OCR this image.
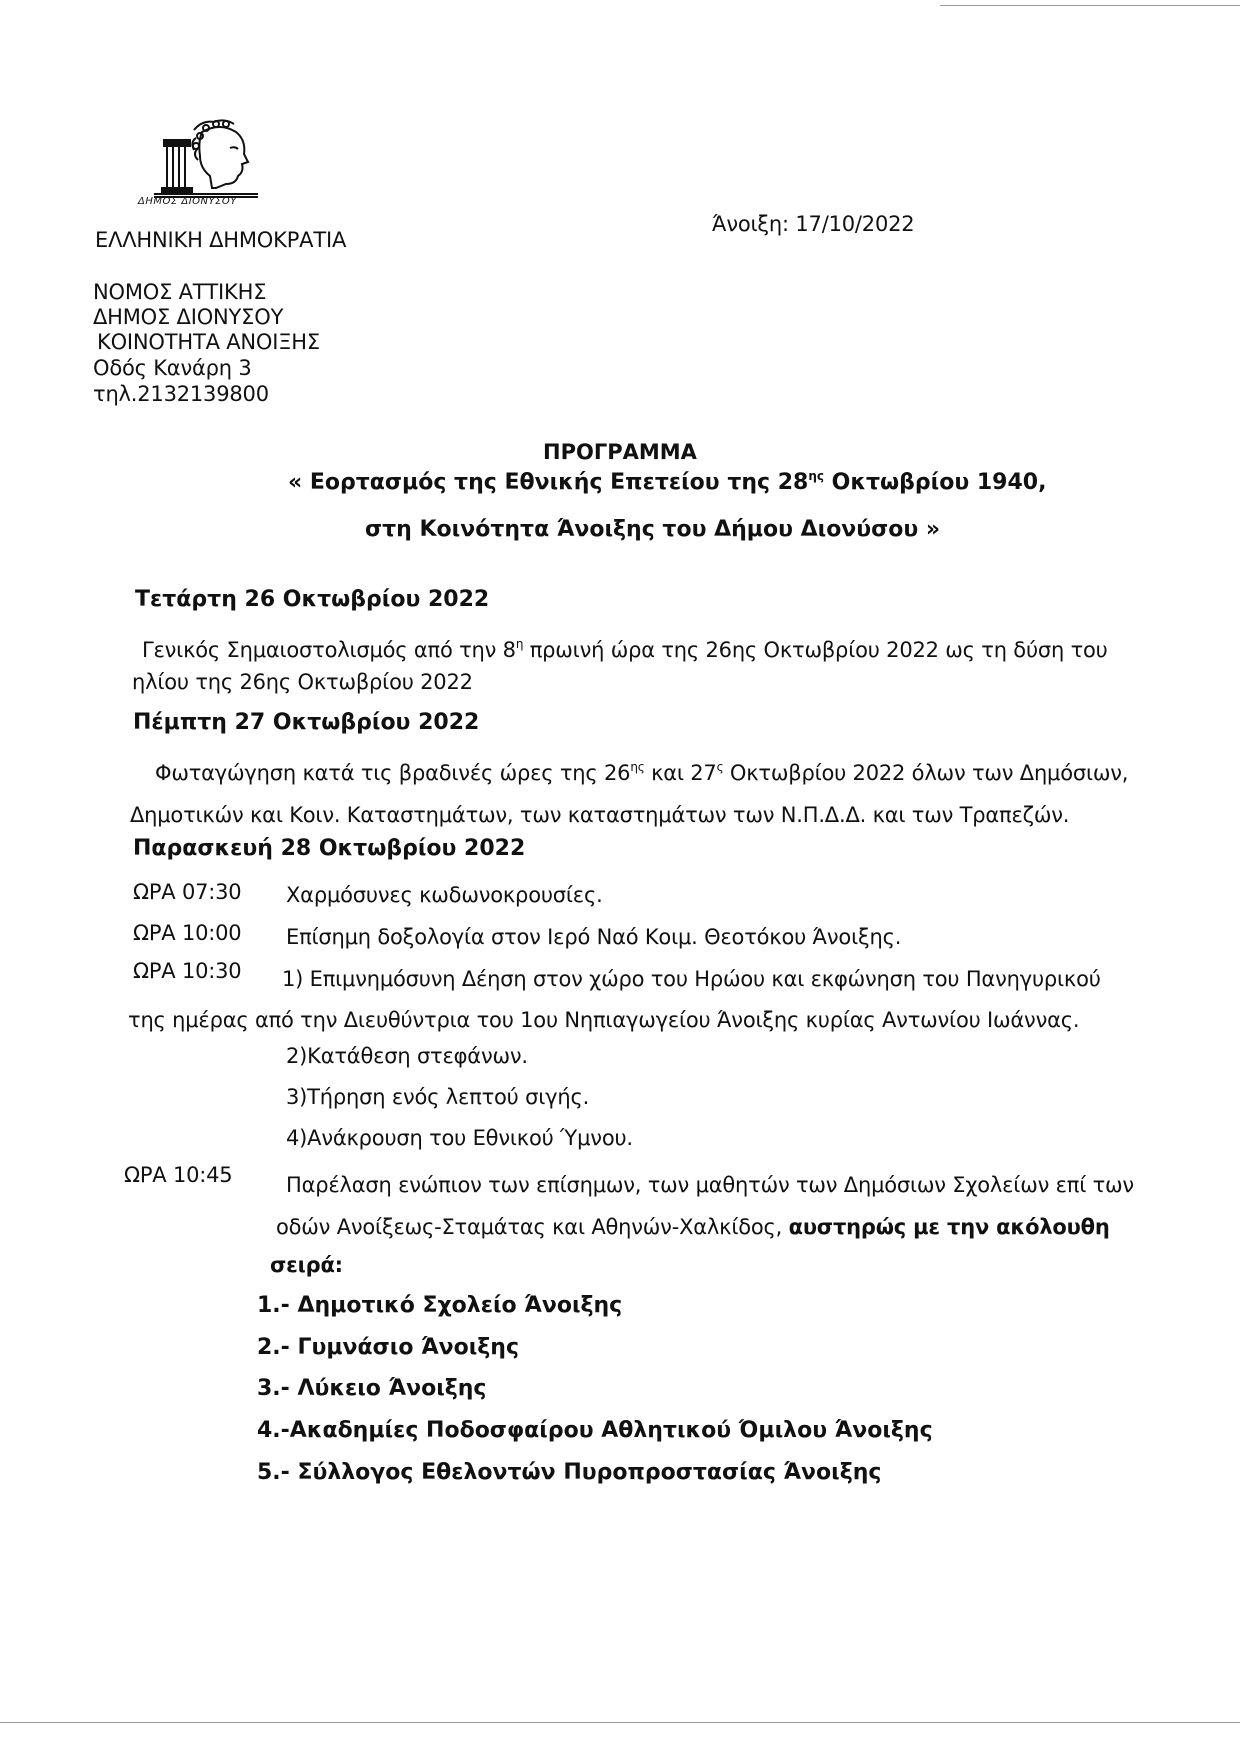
ΔΗΜΟΣ ΔΙΟΝΥΣΟΥ
ΕΛΛΗΝΙΚΗ ΔΗΜΟΚΡΑΤΙΑ
Άνοιξη: 17/10/2022
ΝΟΜΟΣ ΑΤΤΙΚΗΣ
ΔΗΜΟΣ ΔΙΟΝΥΣΟΥ
ΚΟΙΝΟΤΗΤΑ ΑΝΟΙΞΗΣ
Οδός Κανάρη 3
τηλ.2132139800
ΠΡΟΓΡΑΜΜΑ
« Εορτασμός της Εθνικής Επετείου της $28^{\eta\varsigma}$ Οκτωβρίου 1940,
στη Κοινότητα Άνοιξης του Δήμου Διονύσου »
Τετάρτη 26 Οκτωβρίου 2022
Γενικός Σημαιοστολισμός από την $8^\eta$ πρωινή ώρα της 26ης Οκτωβρίου 2022 ως τη δύση του
ηλίου της 26ης Οκτωβρίου 2022
Πέμπτη 27 Οκτωβρίου 2022
Φωταγώγηση κατά τις βραδινές ώρες της $26^{\eta\varsigma}$ και $27^\varsigma$ Οκτωβρίου 2022 όλων των Δημόσιων,
Δημοτικών και Κοιν. Καταστημάτων, των καταστημάτων των Ν.Π.Δ.Δ. και των Τραπεζών.
Παρασκευή 28 Οκτωβρίου 2022
ΩΡΑ 07:30 Χαρμόσυνες κωδωνοκρουσίες.
ΩΡΑ 10:00 Επίσημη δοξολογία στον Ιερό Ναό Κοιμ. Θεοτόκου Άνοιξης.
ΩΡΑ 10:30 1) Επιμνημόσυνη Δέηση στον χώρο του Ηρώου και εκφώνηση του Πανηγυρικού
της ημέρας από την Διευθύντρια του 1ου Νηπιαγωγείου Άνοιξης κυρίας Αντωνίου Ιωάννας.
2)Κατάθεση στεφάνων.
3)Τήρηση ενός λεπτού σιγής.
4)Ανάκρουση του Εθνικού Ύμνου.
ΩΡΑ 10:45	Παρέλαση ενώπιον των επίσημων, των μαθητών των Δημόσιων Σχολείων επί των
οδών Ανοίξεως-Σταμάτας και Αθηνών-Χαλκίδος, αυστηρώς με την ακόλουθη
σειρά:
1.- Δημοτικό Σχολείο Άνοιξης
2.- Γυμνάσιο Άνοιξης
3.- Λύκειο Άνοιξης
4.-Ακαδημίες Ποδοσφαίρου Αθλητικού Όμιλου Άνοιξης
5.- Σύλλογος Εθελοντών Πυροπροστασίας Άνοιξης
